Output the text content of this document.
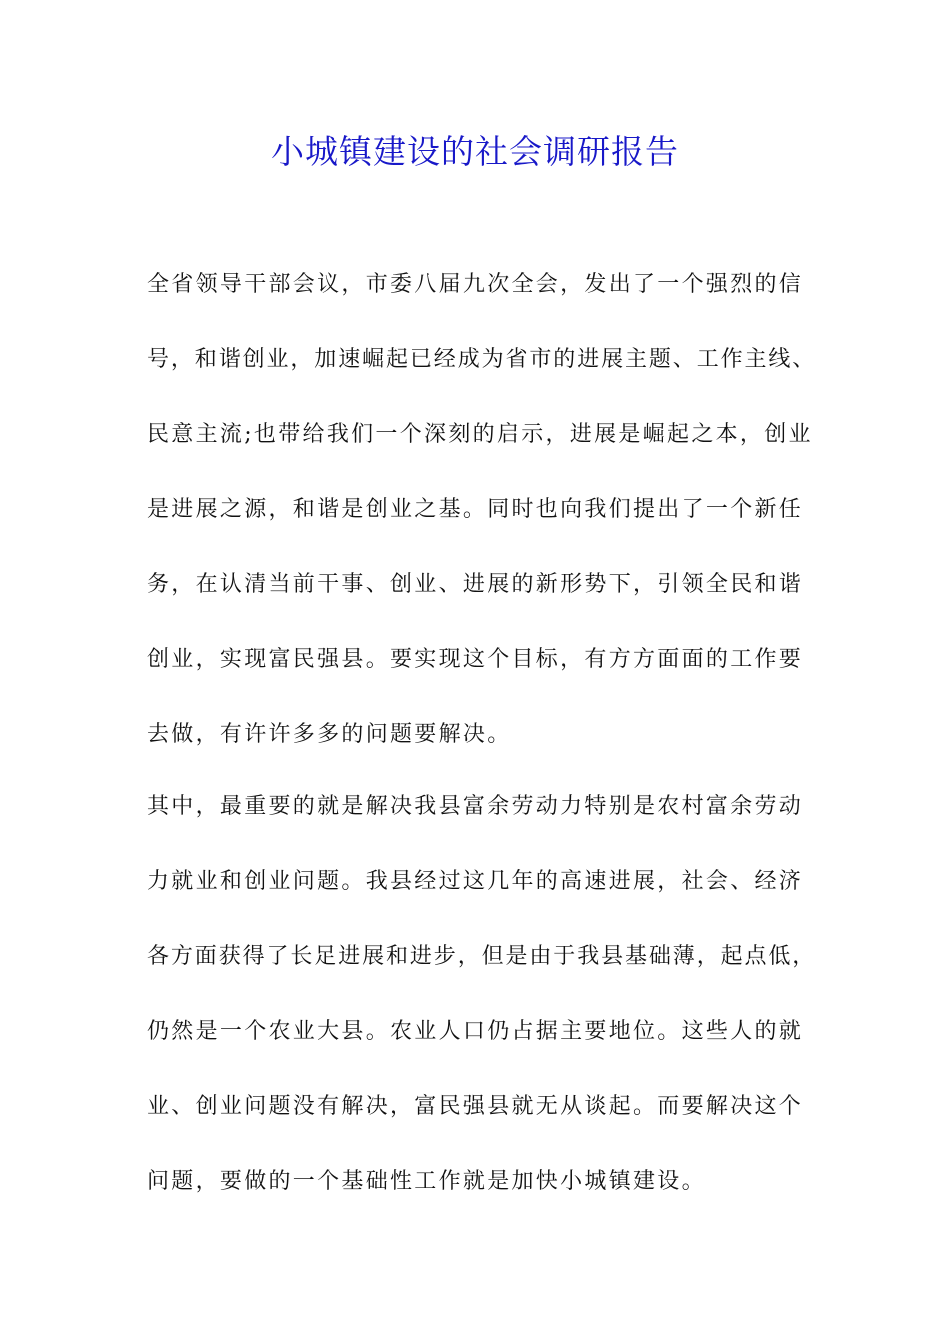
小城镇建设的社会调研报告
全省领导干部会议，市委八届九次全会，发出了一个强烈的信
号，和谐创业，加速崛起已经成为省市的进展主题、工作主线、
民意主流;也带给我们一个深刻的启示，进展是崛起之本，创业
是进展之源，和谐是创业之基。同时也向我们提出了一个新任
务，在认清当前干事、创业、进展的新形势下，引领全民和谐
创业，实现富民强县。要实现这个目标，有方方面面的工作要
去做，有许许多多的问题要解决。
其中，最重要的就是解决我县富余劳动力特别是农村富余劳动
力就业和创业问题。我县经过这几年的高速进展，社会、经济
各方面获得了长足进展和进步，但是由于我县基础薄，起点低，
仍然是一个农业大县。农业人口仍占据主要地位。这些人的就
业、创业问题没有解决，富民强县就无从谈起。而要解决这个
问题，要做的一个基础性工作就是加快小城镇建设。
